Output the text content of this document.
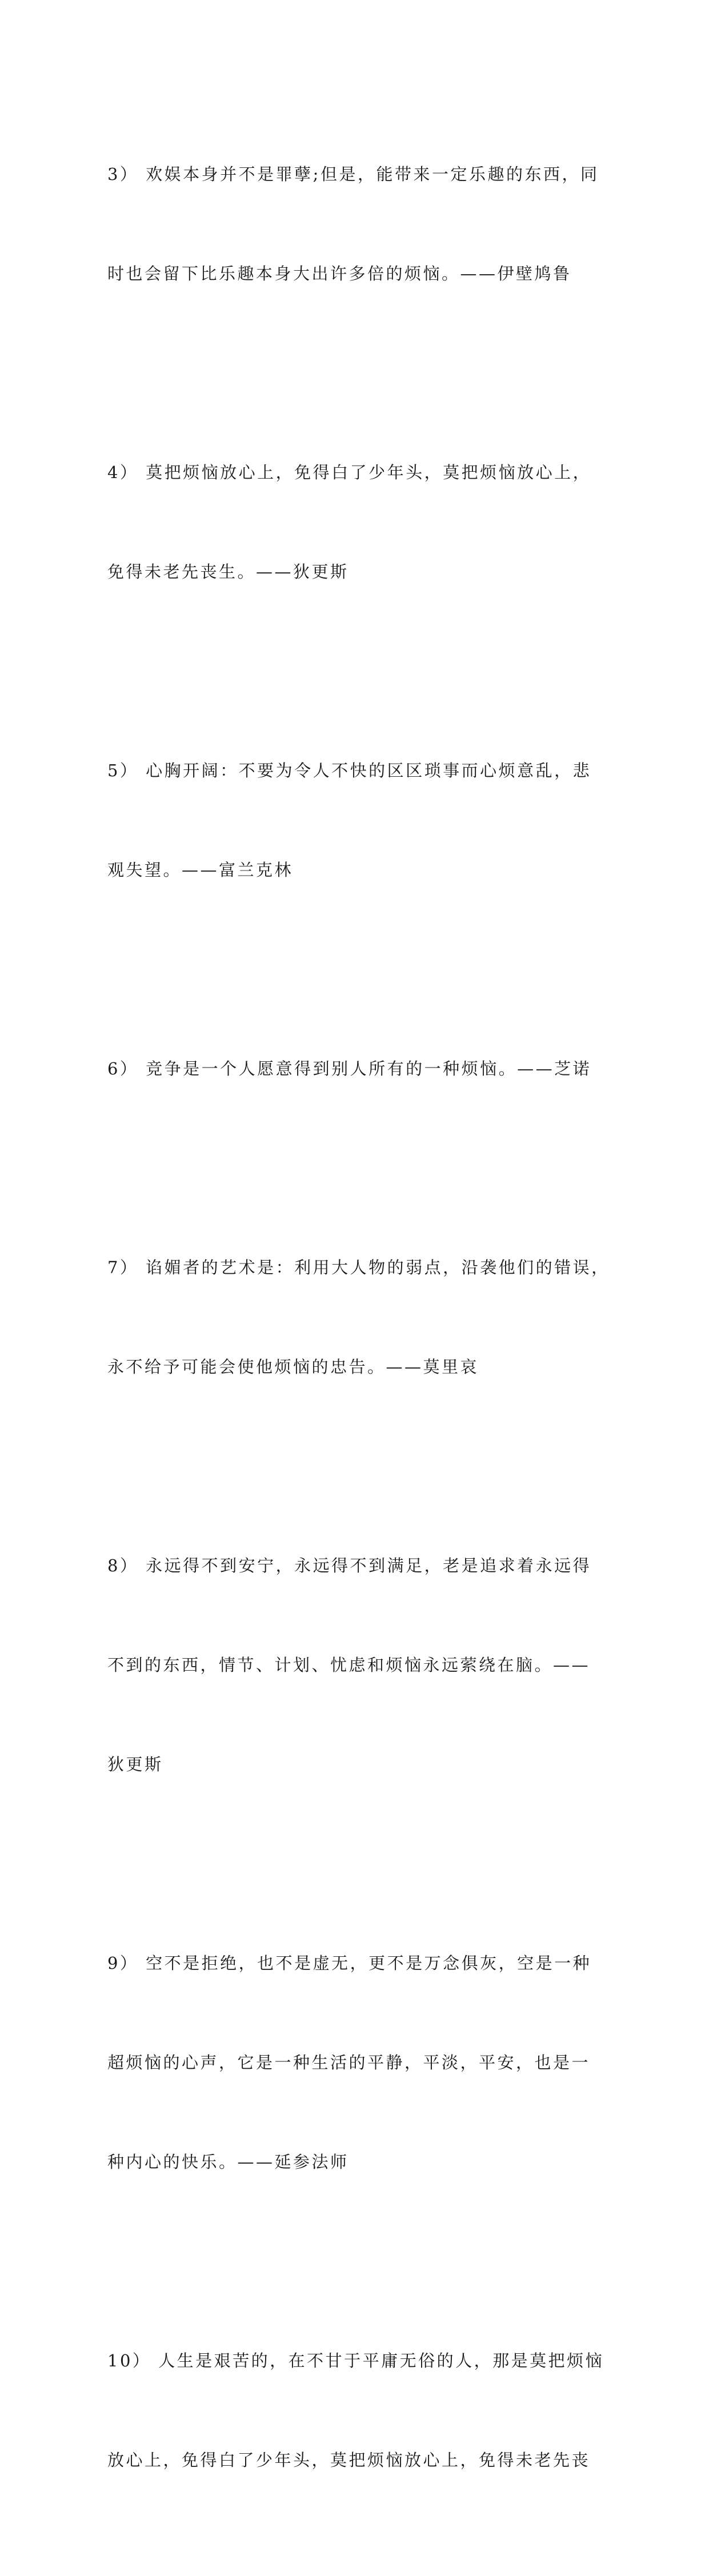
3） 欢娱本身并不是罪孽;但是，能带来一定乐趣的东西，同

时也会留下比乐趣本身大出许多倍的烦恼。——伊壁鸠鲁

4） 莫把烦恼放心上，免得白了少年头，莫把烦恼放心上，

免得未老先丧生。——狄更斯

5） 心胸开阔：不要为令人不快的区区琐事而心烦意乱，悲

观失望。——富兰克林

6） 竞争是一个人愿意得到别人所有的一种烦恼。——芝诺

7） 谄媚者的艺术是：利用大人物的弱点，沿袭他们的错误，

永不给予可能会使他烦恼的忠告。——莫里哀

8） 永远得不到安宁，永远得不到满足，老是追求着永远得

不到的东西，情节、计划、忧虑和烦恼永远萦绕在脑。——

狄更斯

9） 空不是拒绝，也不是虚无，更不是万念俱灰，空是一种

超烦恼的心声，它是一种生活的平静，平淡，平安，也是一

种内心的快乐。——延参法师

10） 人生是艰苦的，在不甘于平庸无俗的人，那是莫把烦恼

放心上，免得白了少年头，莫把烦恼放心上，免得未老先丧
